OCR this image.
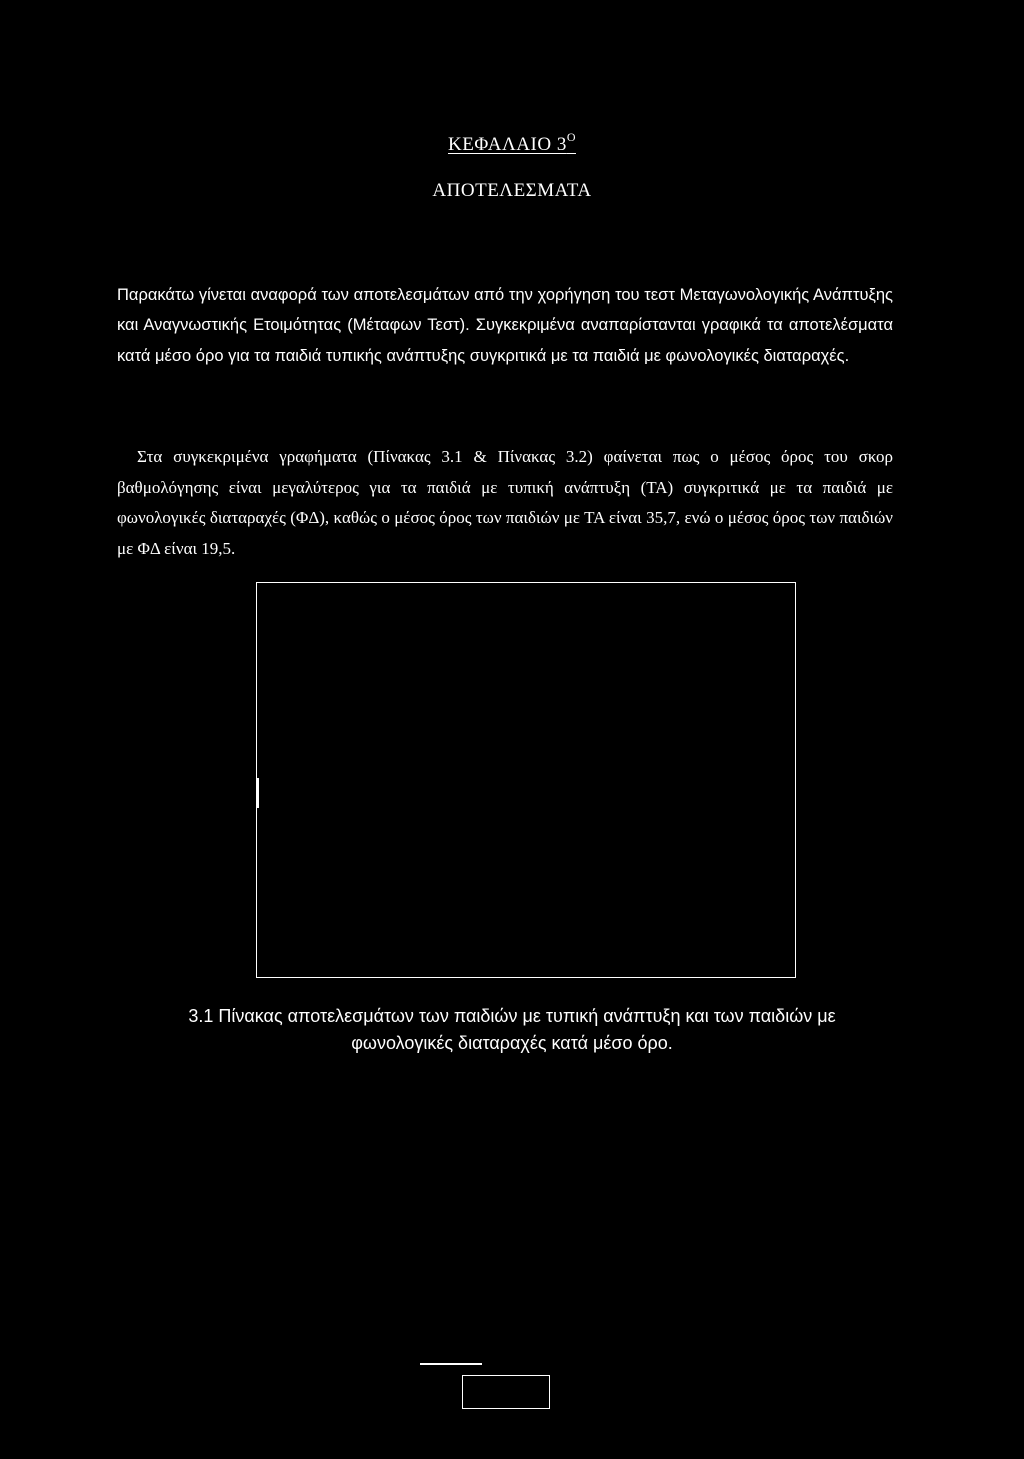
ΚΕΦΑΛΑΙΟ $3^O$
ΑΠΟΤΕΛΕΣΜΑΤΑ

Παρακάτω γίνεται αναφορά των αποτελεσμάτων από την χορήγηση του τεστ Μεταγωνολογικής Ανάπτυξης και Αναγνωστικής Ετοιμότητας (Μέταφων Τεστ). Συγκεκριμένα αναπαρίστανται γραφικά τα αποτελέσματα κατά μέσο όρο για τα παιδιά τυπικής ανάπτυξης συγκριτικά με τα παιδιά με φωνολογικές διαταραχές.

Στα συγκεκριμένα γραφήματα (Πίνακας 3.1 & Πίνακας 3.2) φαίνεται πως ο μέσος όρος του σκορ βαθμολόγησης είναι μεγαλύτερος για τα παιδιά με τυπική ανάπτυξη (ΤΑ) συγκριτικά με τα παιδιά με φωνολογικές διαταραχές (ΦΔ), καθώς ο μέσος όρος των παιδιών με ΤΑ είναι 35,7, ενώ ο μέσος όρος των παιδιών με ΦΔ είναι 19,5.

3.1 Πίνακας αποτελεσμάτων των παιδιών με τυπική ανάπτυξη και των παιδιών με φωνολογικές διαταραχές κατά μέσο όρο.
